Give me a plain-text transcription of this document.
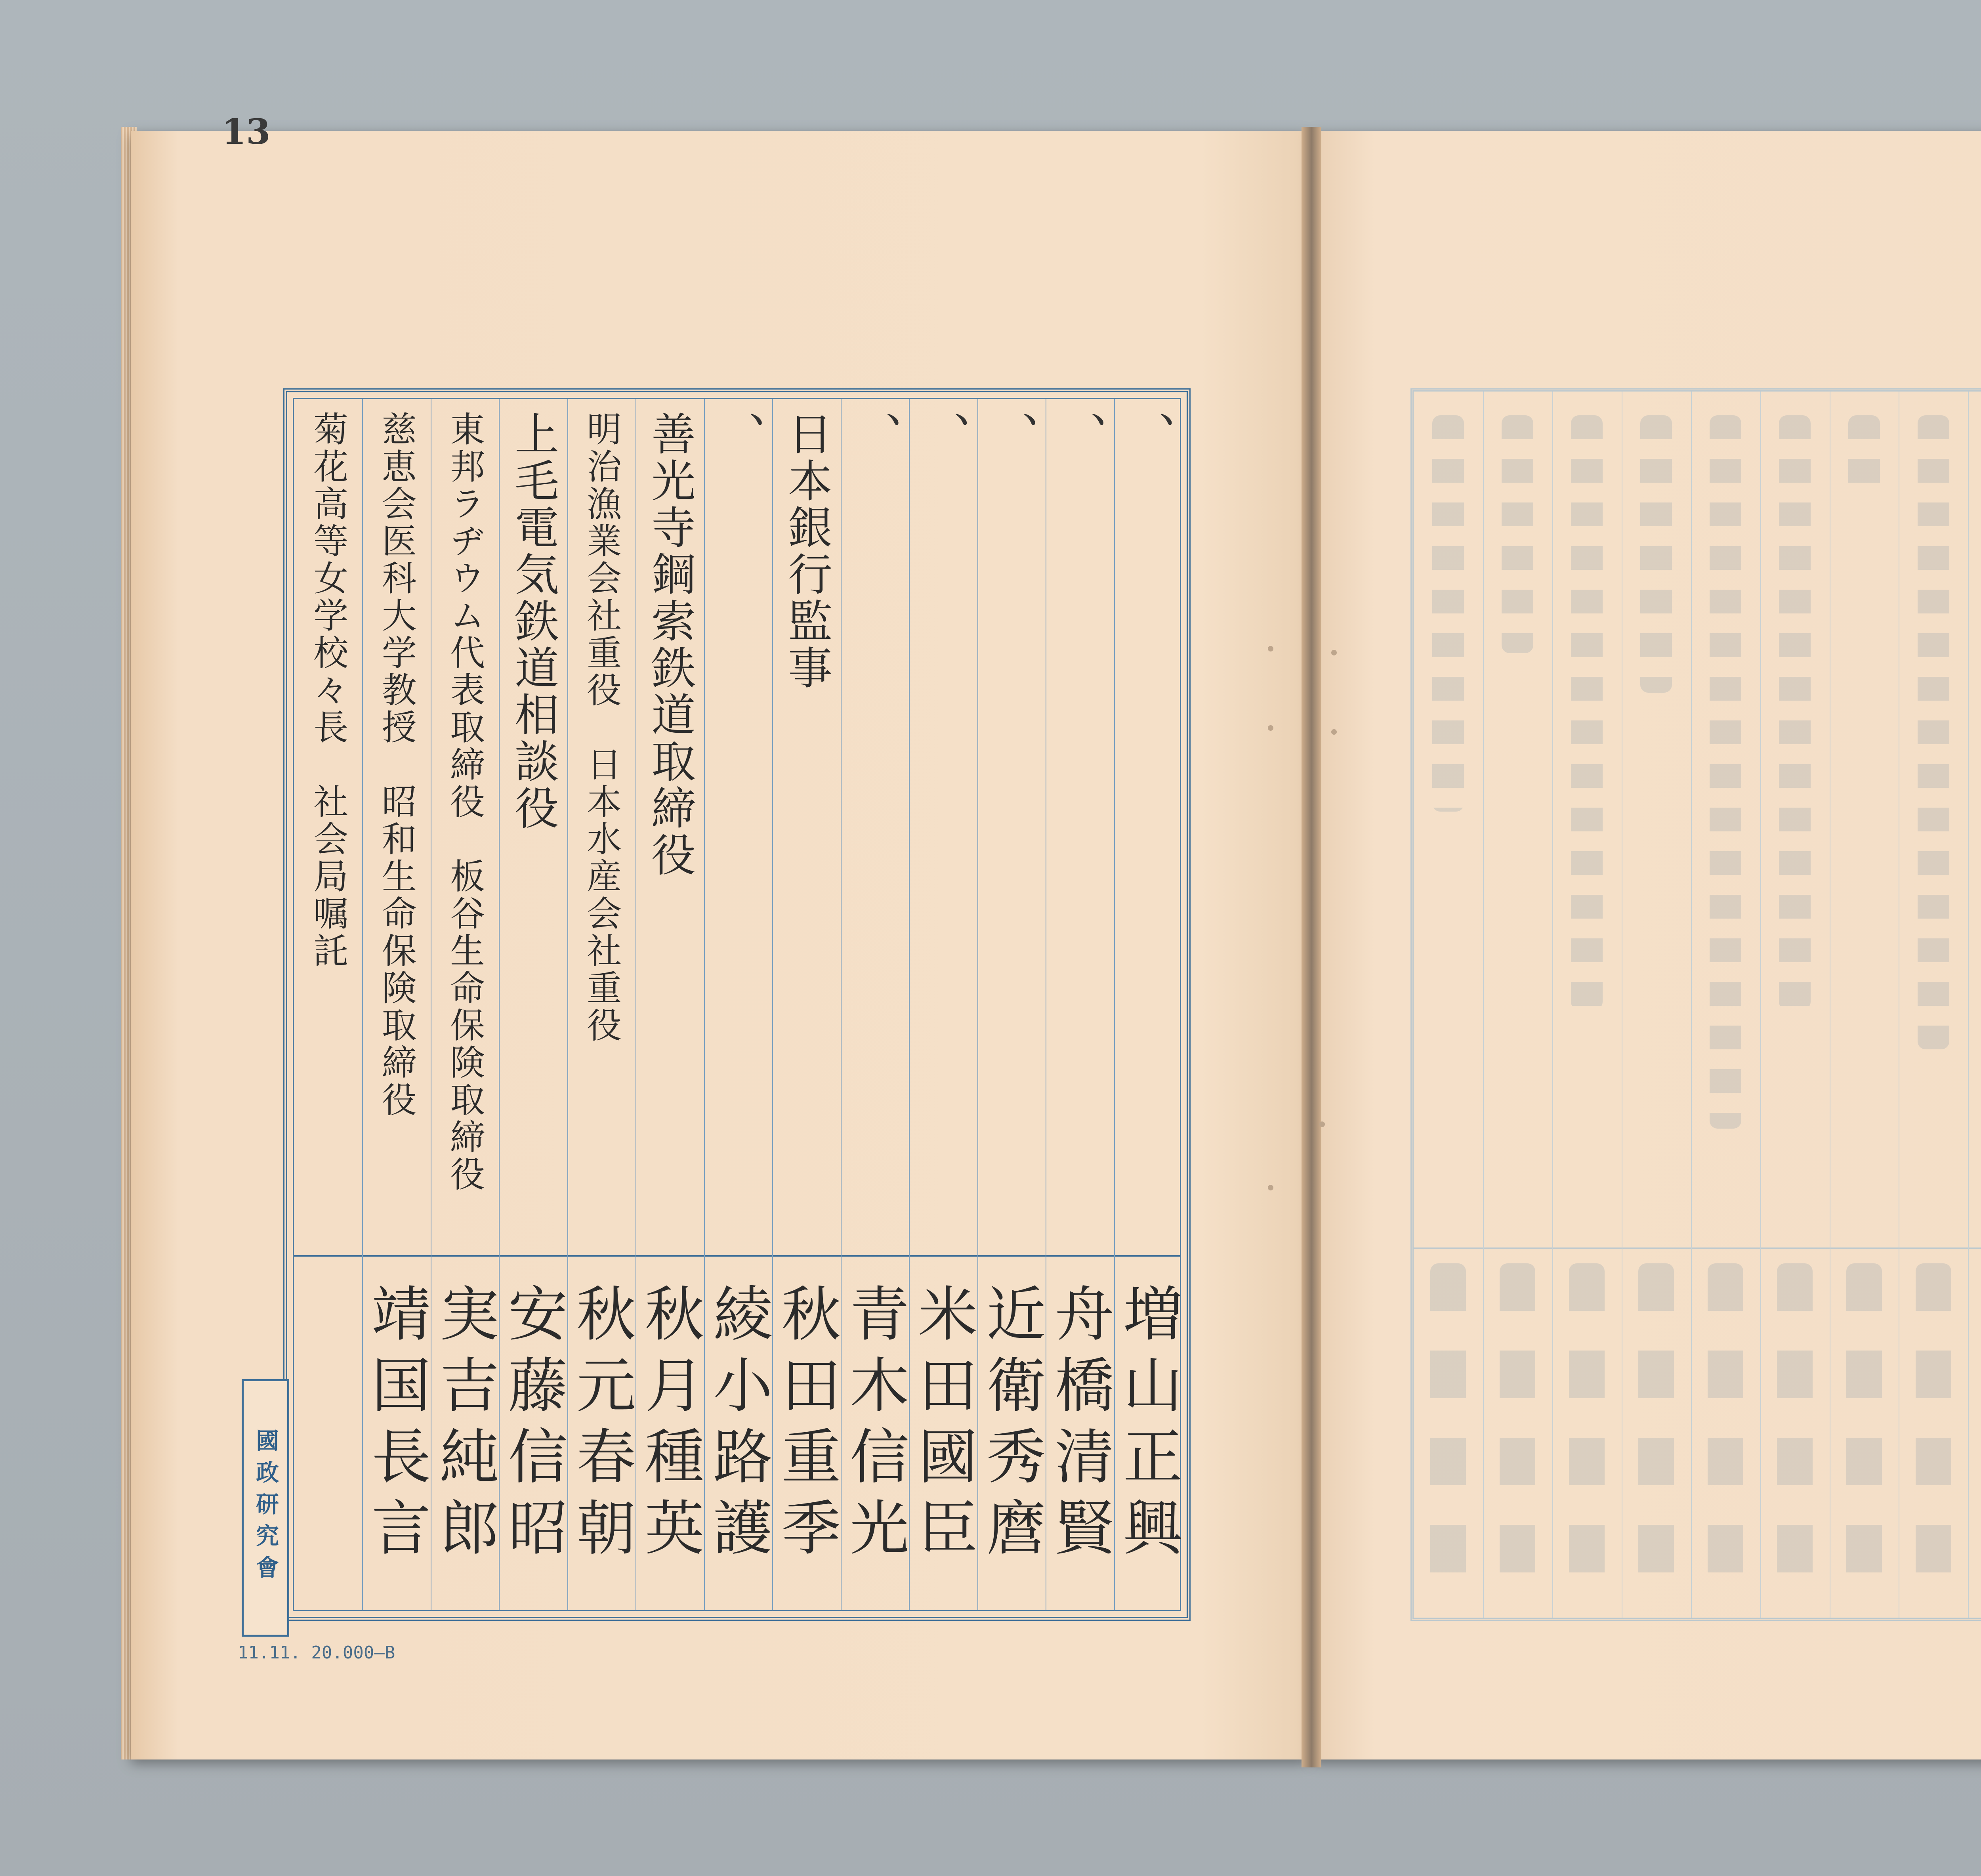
13
、
増山正興
、
舟橋清賢
、
近衛秀麿
、
米田國臣
、
青木信光
日本銀行監事
秋田重季
、
綾小路護
善光寺鋼索鉄道取締役
秋月種英
明治漁業会社重役　日本水産会社重役
秋元春朝
上毛電気鉄道相談役
安藤信昭
東邦ラヂウム代表取締役　板谷生命保険取締役
実吉純郎
慈恵会医科大学教授　昭和生命保険取締役
靖国長言
菊花高等女学校々長　社会局嘱託
國政研究會
11.11. 20.000—B
